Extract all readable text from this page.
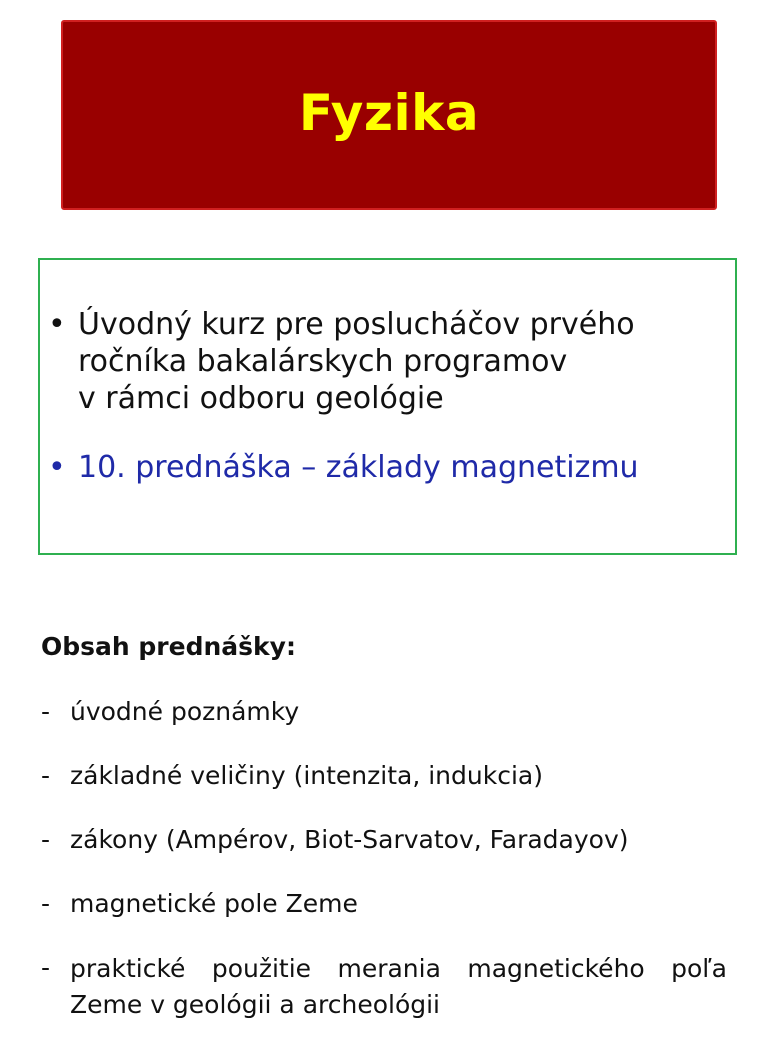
Fyzika
• Úvodný kurz pre poslucháčov prvého
ročníka bakalárskych programov
v rámci odboru geológie
• 10. prednáška – základy magnetizmu
Obsah prednášky:
- úvodné poznámky
- základné veličiny (intenzita, indukcia)
- zákony (Ampérov, Biot-Sarvatov, Faradayov)
- magnetické pole Zeme
- praktické použitie merania magnetického poľa Zeme v geológii a archeológii
